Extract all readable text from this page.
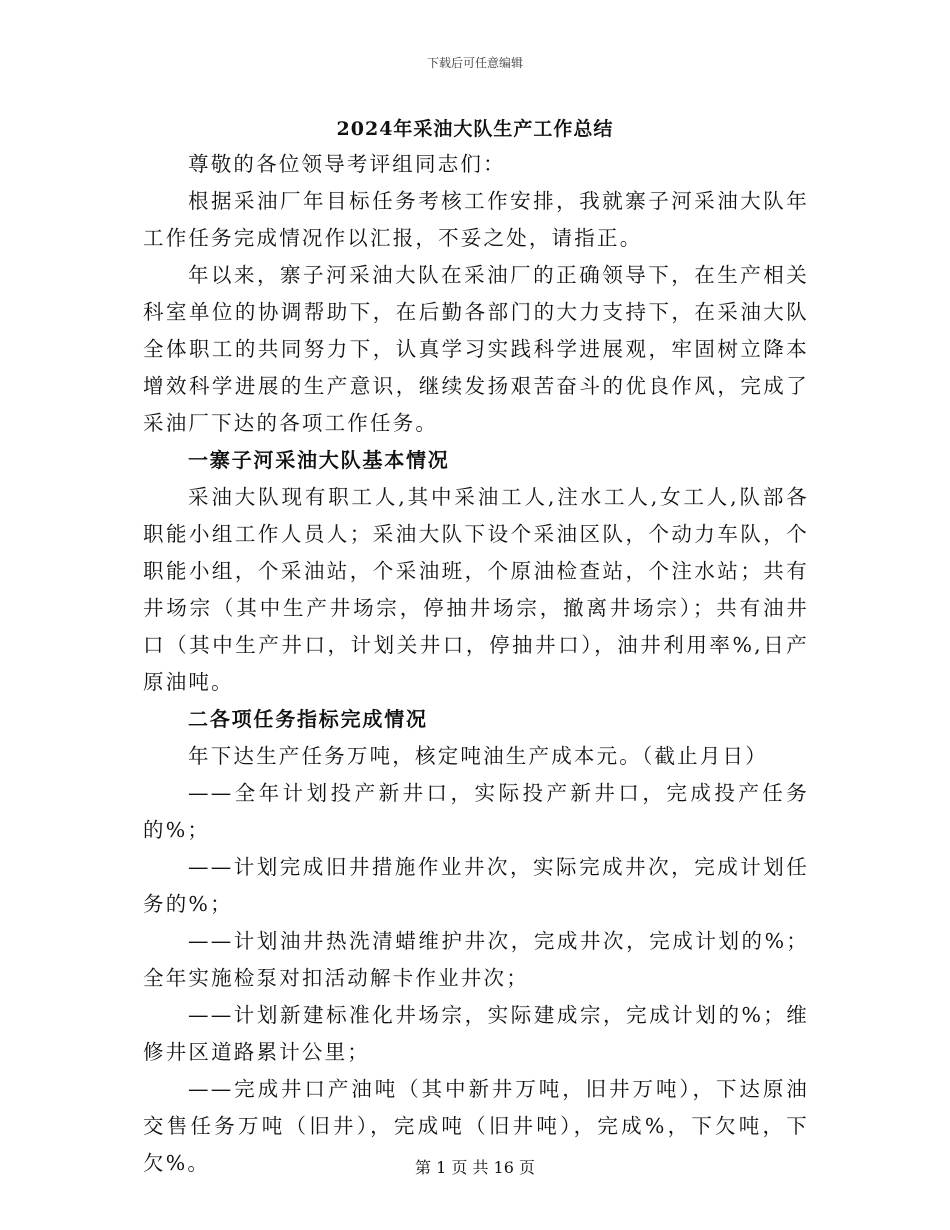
下载后可任意编辑
2024年采油大队生产工作总结

尊敬的各位领导考评组同志们：

根据采油厂年目标任务考核工作安排，我就寨子河采油大队年工作任务完成情况作以汇报，不妥之处，请指正。

年以来，寨子河采油大队在采油厂的正确领导下，在生产相关科室单位的协调帮助下，在后勤各部门的大力支持下，在采油大队全体职工的共同努力下，认真学习实践科学进展观，牢固树立降本增效科学进展的生产意识，继续发扬艰苦奋斗的优良作风，完成了采油厂下达的各项工作任务。

一寨子河采油大队基本情况

采油大队现有职工人,其中采油工人,注水工人,女工人,队部各职能小组工作人员人；采油大队下设个采油区队，个动力车队，个职能小组，个采油站，个采油班，个原油检查站，个注水站；共有井场宗（其中生产井场宗，停抽井场宗，撤离井场宗）；共有油井口（其中生产井口，计划关井口，停抽井口），油井利用率%,日产原油吨。

二各项任务指标完成情况

年下达生产任务万吨，核定吨油生产成本元。（截止月日）

——全年计划投产新井口，实际投产新井口，完成投产任务的%；

——计划完成旧井措施作业井次，实际完成井次，完成计划任务的%；

——计划油井热洗清蜡维护井次，完成井次，完成计划的%；全年实施检泵对扣活动解卡作业井次；

——计划新建标准化井场宗，实际建成宗，完成计划的%；维修井区道路累计公里；

——完成井口产油吨（其中新井万吨，旧井万吨），下达原油交售任务万吨（旧井），完成吨（旧井吨），完成%，下欠吨，下欠%。	第 1 页 共 16 页
